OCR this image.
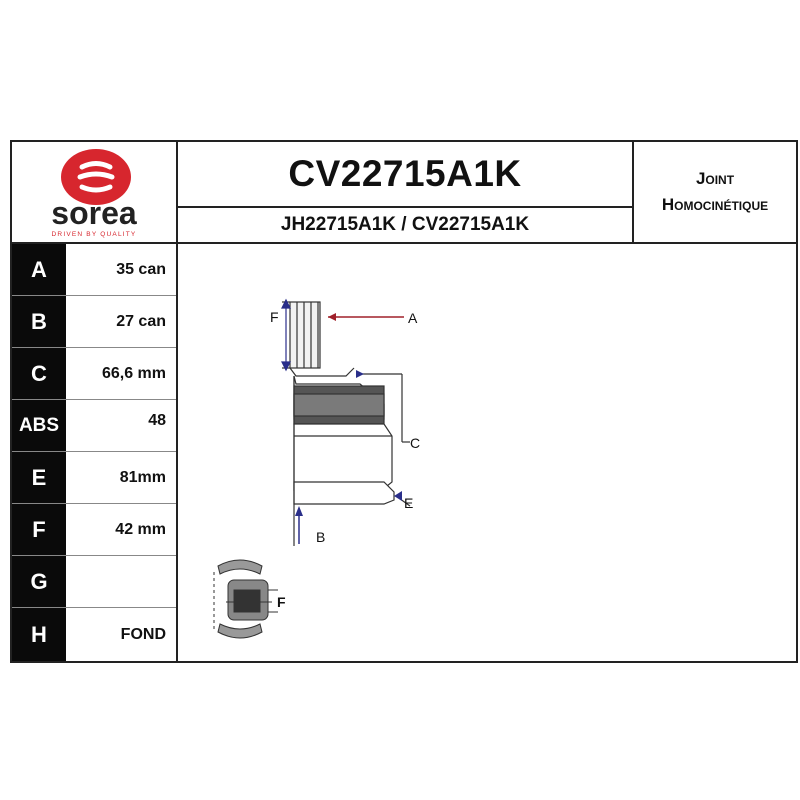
sorea
DRIVEN BY QUALITY
CV22715A1K
JH22715A1K / CV22715A1K
Joint
Homocinétique
A	35 can
B	27 can
C	66,6 mm
ABS	48
E	81mm
F	42 mm
G
H	FOND
F	A
C
E
B
F
